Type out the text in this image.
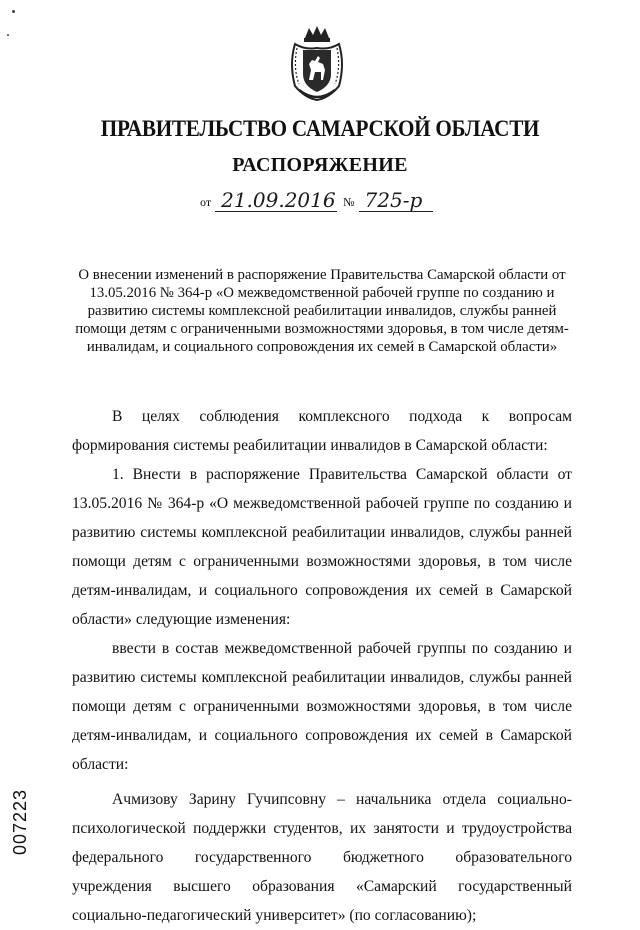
ПРАВИТЕЛЬСТВО САМАРСКОЙ ОБЛАСТИ
РАСПОРЯЖЕНИЕ
от 21.09.2016 № 725-р
О внесении изменений в распоряжение Правительства Самарской области от 13.05.2016 № 364-р «О межведомственной рабочей группе по созданию и развитию системы комплексной реабилитации инвалидов, службы ранней помощи детям с ограниченными возможностями здоровья, в том числе детям-инвалидам, и социального сопровождения их семей в Самарской области»

В целях соблюдения комплексного подхода к вопросам формирования системы реабилитации инвалидов в Самарской области:

1. Внести в распоряжение Правительства Самарской области от 13.05.2016 № 364-р «О межведомственной рабочей группе по созданию и развитию системы комплексной реабилитации инвалидов, службы ранней помощи детям с ограниченными возможностями здоровья, в том числе детям-инвалидам, и социального сопровождения их семей в Самарской области» следующие изменения:

ввести в состав межведомственной рабочей группы по созданию и развитию системы комплексной реабилитации инвалидов, службы ранней помощи детям с ограниченными возможностями здоровья, в том числе детям-инвалидам, и социального сопровождения их семей в Самарской области:

Ачмизову Зарину Гучипсовну – начальника отдела социально-психологической поддержки студентов, их занятости и трудоустройства федерального государственного бюджетного образовательного учреждения высшего образования «Самарский государственный социально-педагогический университет» (по согласованию);

007223
